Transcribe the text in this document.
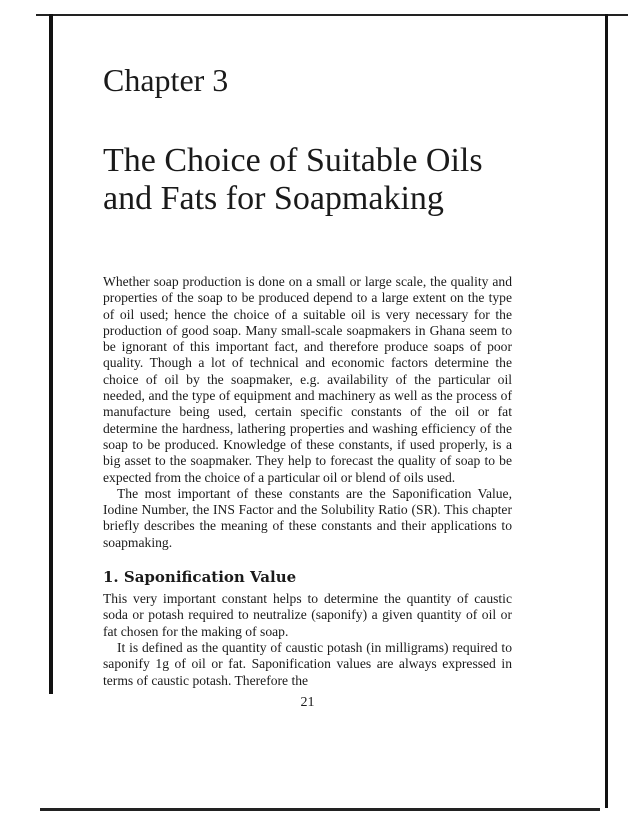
Chapter 3
The Choice of Suitable Oils
and Fats for Soapmaking

Whether soap production is done on a small or large scale, the quality and properties of the soap to be produced depend to a large extent on the type of oil used; hence the choice of a suitable oil is very necessary for the production of good soap. Many small-scale soapmakers in Ghana seem to be ignorant of this important fact, and therefore produce soaps of poor quality. Though a lot of technical and economic factors determine the choice of oil by the soapmaker, e.g. availability of the particular oil needed, and the type of equipment and machinery as well as the process of manufacture being used, certain specific constants of the oil or fat determine the hardness, lathering properties and washing efficiency of the soap to be produced. Knowledge of these constants, if used properly, is a big asset to the soapmaker. They help to forecast the quality of soap to be expected from the choice of a particular oil or blend of oils used.

The most important of these constants are the Saponification Value, Iodine Number, the INS Factor and the Solubility Ratio (SR). This chapter briefly describes the meaning of these constants and their applications to soapmaking.

1. Saponification Value

This very important constant helps to determine the quantity of caustic soda or potash required to neutralize (saponify) a given quantity of oil or fat chosen for the making of soap.

It is defined as the quantity of caustic potash (in milligrams) required to saponify 1g of oil or fat. Saponification values are always expressed in terms of caustic potash. Therefore the

21
